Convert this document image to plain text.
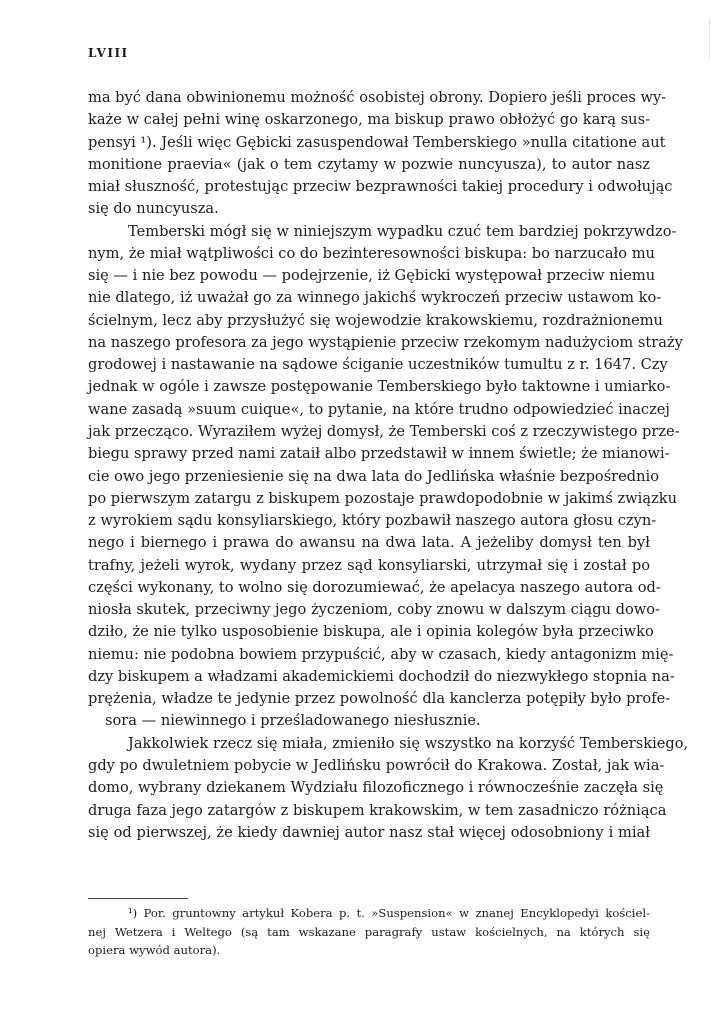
LVIII
ma być dana obwinionemu możność osobistej obrony. Dopiero jeśli proces wy-
każe w całej pełni winę oskarzonego, ma biskup prawo obłożyć go karą sus-
pensyi ¹). Jeśli więc Gębicki zasuspendował Temberskiego »nulla citatione aut
monitione praevia« (jak o tem czytamy w pozwie nuncyusza), to autor nasz
miał słuszność, protestując przeciw bezprawności takiej procedury i odwołując
się do nuncyusza.
Temberski mógł się w niniejszym wypadku czuć tem bardziej pokrzywdzo-
nym, że miał wątpliwości co do bezinteresowności biskupa: bo narzucało mu
się — i nie bez powodu — podejrzenie, iż Gębicki występował przeciw niemu
nie dlatego, iż uważał go za winnego jakichś wykroczeń przeciw ustawom ko-
ścielnym, lecz aby przysłużyć się wojewodzie krakowskiemu, rozdrażnionemu
na naszego profesora za jego wystąpienie przeciw rzekomym nadużyciom straży
grodowej i nastawanie na sądowe ściganie uczestników tumultu z r. 1647. Czy
jednak w ogóle i zawsze postępowanie Temberskiego było taktowne i umiarko-
wane zasadą »suum cuique«, to pytanie, na które trudno odpowiedzieć inaczej
jak przecząco. Wyraziłem wyżej domysł, że Temberski coś z rzeczywistego prze-
biegu sprawy przed nami zataił albo przedstawił w innem świetle; że mianowi-
cie owo jego przeniesienie się na dwa lata do Jedlińska właśnie bezpośrednio
po pierwszym zatargu z biskupem pozostaje prawdopodobnie w jakimś związku
z wyrokiem sądu konsyliarskiego, który pozbawił naszego autora głosu czyn-
nego i biernego i prawa do awansu na dwa lata. A jeżeliby domysł ten był
trafny, jeżeli wyrok, wydany przez sąd konsyliarski, utrzymał się i został po
części wykonany, to wolno się dorozumiewać, że apelacya naszego autora od-
niosła skutek, przeciwny jego życzeniom, coby znowu w dalszym ciągu dowo-
dziło, że nie tylko usposobienie biskupa, ale i opinia kolegów była przeciwko
niemu: nie podobna bowiem przypuścić, aby w czasach, kiedy antagonizm mię-
dzy biskupem a władzami akademickiemi dochodził do niezwykłego stopnia na-
prężenia, władze te jedynie przez powolność dla kanclerza potępiły było profe-
sora — niewinnego i prześladowanego niesłusznie.
Jakkolwiek rzecz się miała, zmieniło się wszystko na korzyść Temberskiego,
gdy po dwuletniem pobycie w Jedlińsku powrócił do Krakowa. Został, jak wia-
domo, wybrany dziekanem Wydziału filozoficznego i równocześnie zaczęła się
druga faza jego zatargów z biskupem krakowskim, w tem zasadniczo różniąca
się od pierwszej, że kiedy dawniej autor nasz stał więcej odosobniony i miał
¹) Por. gruntowny artykuł Kobera p. t. »Suspension« w znanej Encyklopedyi kościel-
nej Wetzera i Weltego (są tam wskazane paragrafy ustaw kościelnych, na których się
opiera wywód autora).
